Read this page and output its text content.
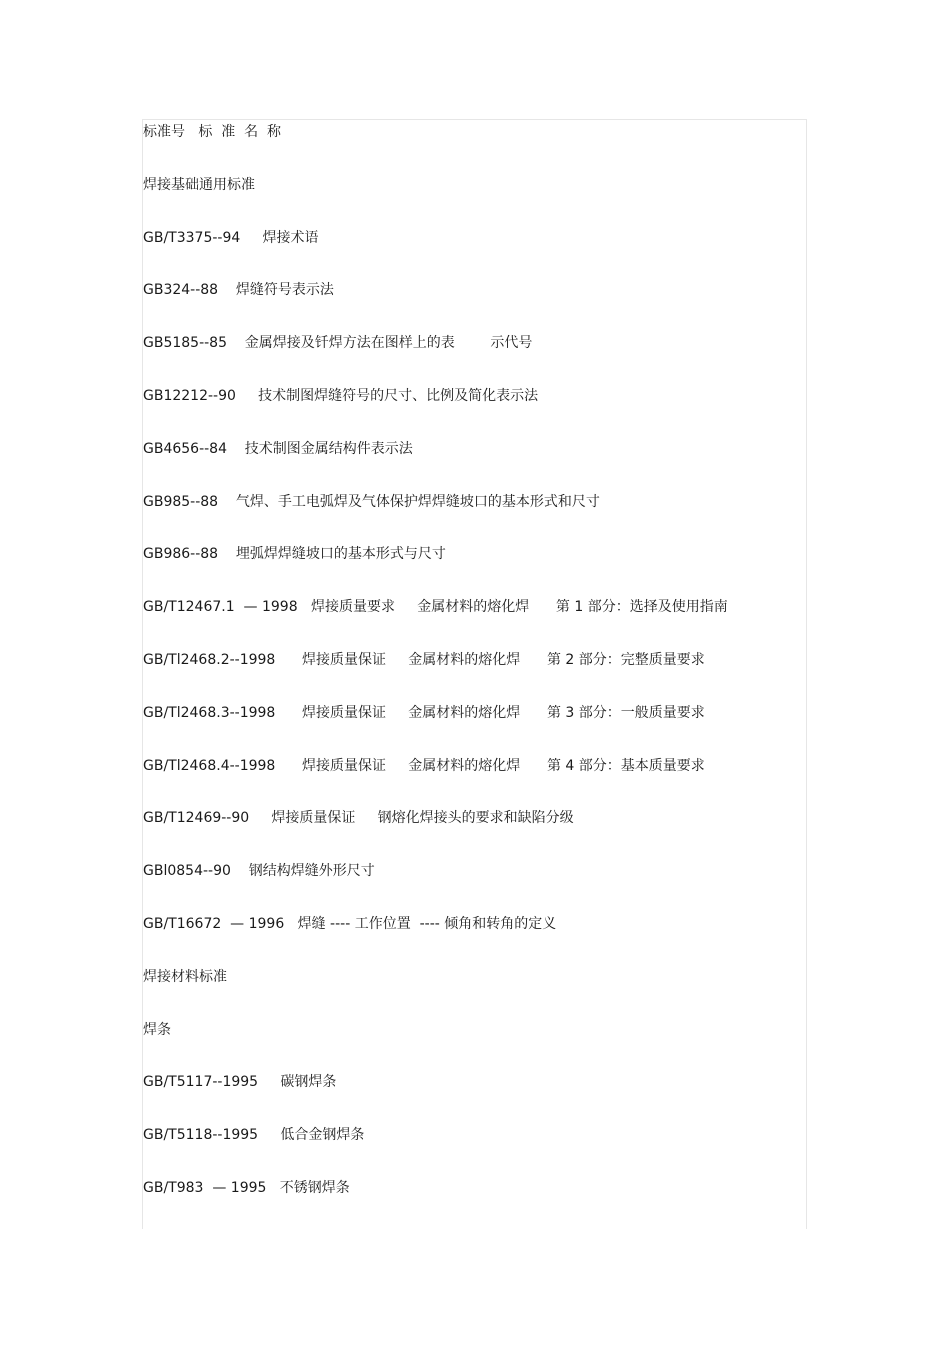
标准号   标  准  名  称
焊接基础通用标准
GB/T3375--94     焊接术语
GB324--88    焊缝符号表示法
GB5185--85    金属焊接及钎焊方法在图样上的表        示代号
GB12212--90     技术制图焊缝符号的尺寸、比例及简化表示法
GB4656--84    技术制图金属结构件表示法
GB985--88    气焊、手工电弧焊及气体保护焊焊缝坡口的基本形式和尺寸
GB986--88    埋弧焊焊缝坡口的基本形式与尺寸
GB/T12467.1  — 1998   焊接质量要求     金属材料的熔化焊      第 1 部分：选择及使用指南
GB/Tl2468.2--1998      焊接质量保证     金属材料的熔化焊      第 2 部分：完整质量要求
GB/Tl2468.3--1998      焊接质量保证     金属材料的熔化焊      第 3 部分：一般质量要求
GB/Tl2468.4--1998      焊接质量保证     金属材料的熔化焊      第 4 部分：基本质量要求
GB/T12469--90     焊接质量保证     钢熔化焊接头的要求和缺陷分级
GBl0854--90    钢结构焊缝外形尺寸
GB/T16672  — 1996   焊缝 ---- 工作位置  ---- 倾角和转角的定义
焊接材料标准
焊条
GB/T5117--1995     碳钢焊条
GB/T5118--1995     低合金钢焊条
GB/T983  — 1995   不锈钢焊条
